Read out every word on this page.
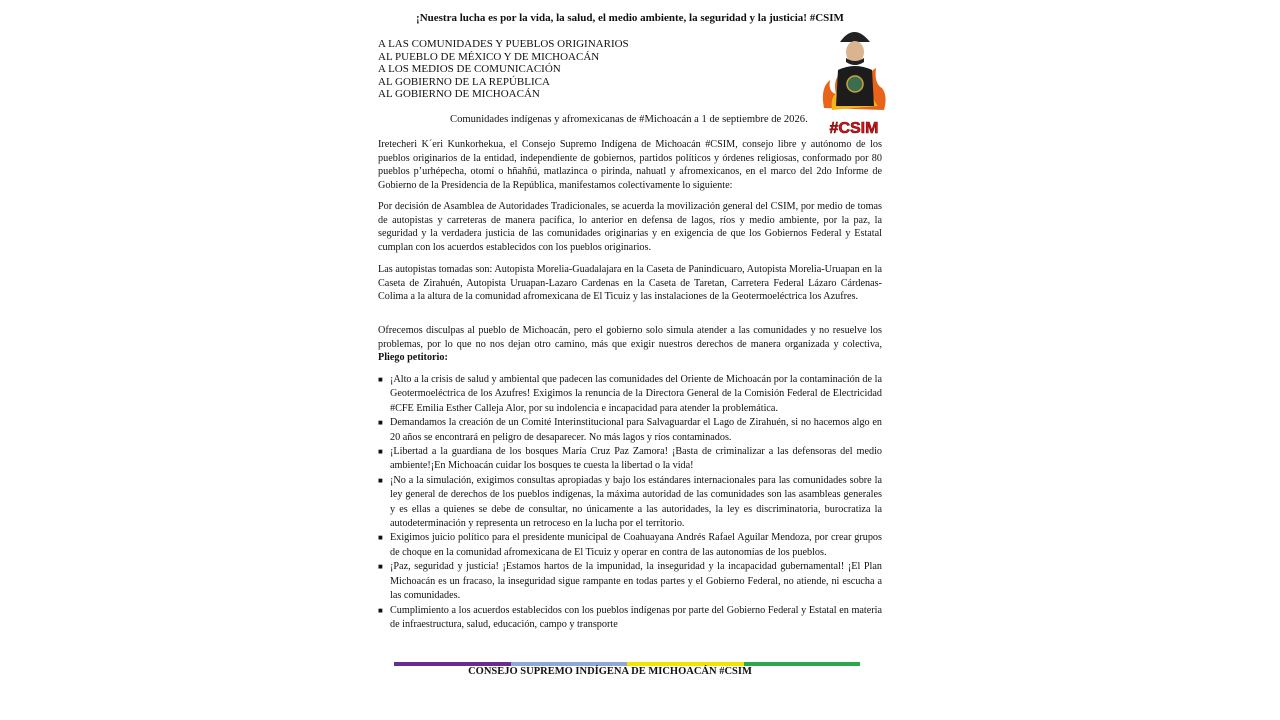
¡Nuestra lucha es por la vida, la salud, el medio ambiente, la seguridad y la justicia! #CSIM
A LAS COMUNIDADES Y PUEBLOS ORIGINARIOS
AL PUEBLO DE MÉXICO Y DE MICHOACÁN
A LOS MEDIOS DE COMUNICACIÓN
AL GOBIERNO DE LA REPÚBLICA
AL GOBIERNO DE MICHOACÁN
#CSIM
Comunidades indígenas y afromexicanas de #Michoacán a 1 de septiembre de 2026.
Iretecheri K´eri Kunkorhekua, el Consejo Supremo Indígena de Michoacán #CSIM, consejo libre y autónomo de los pueblos originarios de la entidad, independiente de gobiernos, partidos políticos y órdenes religiosas, conformado por 80 pueblos p’urhépecha, otomí o hñahñú, matlazinca o pirinda, nahuatl y afromexicanos, en el marco del 2do Informe de Gobierno de la Presidencia de la República, manifestamos colectivamente lo siguiente:
Por decisión de Asamblea de Autoridades Tradicionales, se acuerda la movilización general del CSIM, por medio de tomas de autopistas y carreteras de manera pacífica, lo anterior en defensa de lagos, ríos y medio ambiente, por la paz, la seguridad y la verdadera justicia de las comunidades originarias y en exigencia de que los Gobiernos Federal y Estatal cumplan con los acuerdos establecidos con los pueblos originarios.
Las autopistas tomadas son: Autopista Morelia-Guadalajara en la Caseta de Panindicuaro, Autopista Morelia-Uruapan en la Caseta de Zirahuén, Autopista Uruapan-Lazaro Cardenas en la Caseta de Taretan, Carretera Federal Lázaro Cárdenas-Colima a la altura de la comunidad afromexicana de El Ticuiz y las instalaciones de la Geotermoeléctrica los Azufres.
Ofrecemos disculpas al pueblo de Michoacán, pero el gobierno solo simula atender a las comunidades y no resuelve los problemas, por lo que no nos dejan otro camino, más que exigir nuestros derechos de manera organizada y colectiva, Pliego petitorio:
■ ¡Alto a la crisis de salud y ambiental que padecen las comunidades del Oriente de Michoacán por la contaminación de la Geotermoeléctrica de los Azufres! Exigimos la renuncia de la Directora General de la Comisión Federal de Electricidad #CFE Emilia Esther Calleja Alor, por su indolencia e incapacidad para atender la problemática.
■ Demandamos la creación de un Comité Interinstitucional para Salvaguardar el Lago de Zirahuén, si no hacemos algo en 20 años se encontrará en peligro de desaparecer. No más lagos y ríos contaminados.
■ ¡Libertad a la guardiana de los bosques María Cruz Paz Zamora! ¡Basta de criminalizar a las defensoras del medio ambiente!¡En Michoacán cuidar los bosques te cuesta la libertad o la vida!
■ ¡No a la simulación, exigimos consultas apropiadas y bajo los estándares internacionales para las comunidades sobre la ley general de derechos de los pueblos indígenas, la máxima autoridad de las comunidades son las asambleas generales y es ellas a quienes se debe de consultar, no únicamente a las autoridades, la ley es discriminatoria, burocratiza la autodeterminación y representa un retroceso en la lucha por el territorio.
■ Exigimos juicio político para el presidente municipal de Coahuayana Andrés Rafael Aguilar Mendoza, por crear grupos de choque en la comunidad afromexicana de El Ticuiz y operar en contra de las autonomías de los pueblos.
■ ¡Paz, seguridad y justicia! ¡Estamos hartos de la impunidad, la inseguridad y la incapacidad gubernamental! ¡El Plan Michoacán es un fracaso, la inseguridad sigue rampante en todas partes y el Gobierno Federal, no atiende, ni escucha a las comunidades.
■ Cumplimiento a los acuerdos establecidos con los pueblos indígenas por parte del Gobierno Federal y Estatal en materia de infraestructura, salud, educación, campo y transporte
CONSEJO SUPREMO INDÍGENA DE MICHOACÁN #CSIM
